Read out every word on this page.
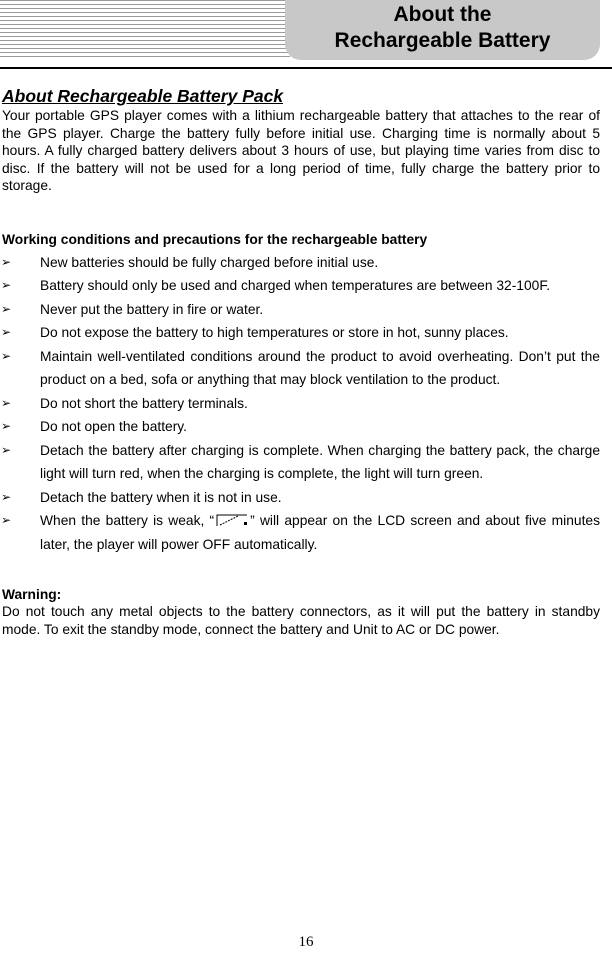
About the
Rechargeable Battery
About Rechargeable Battery Pack

Your portable GPS player comes with a lithium rechargeable battery that attaches to the rear of the GPS player. Charge the battery fully before initial use. Charging time is normally about 5 hours. A fully charged battery delivers about 3 hours of use, but playing time varies from disc to disc. If the battery will not be used for a long period of time, fully charge the battery prior to storage.

Working conditions and precautions for the rechargeable battery
➢ New batteries should be fully charged before initial use.
➢ Battery should only be used and charged when temperatures are between 32-100F.
➢ Never put the battery in fire or water.
➢ Do not expose the battery to high temperatures or store in hot, sunny places.
➢ Maintain well-ventilated conditions around the product to avoid overheating. Don’t put the product on a bed, sofa or anything that may block ventilation to the product.
➢ Do not short the battery terminals.
➢ Do not open the battery.
➢ Detach the battery after charging is complete. When charging the battery pack, the charge light will turn red, when the charging is complete, the light will turn green.
➢ Detach the battery when it is not in use.
➢ When the battery is weak, “	” will appear on the LCD screen and about five minutes later, the player will power OFF automatically.

Warning:

Do not touch any metal objects to the battery connectors, as it will put the battery in standby mode. To exit the standby mode, connect the battery and Unit to AC or DC power.

16
